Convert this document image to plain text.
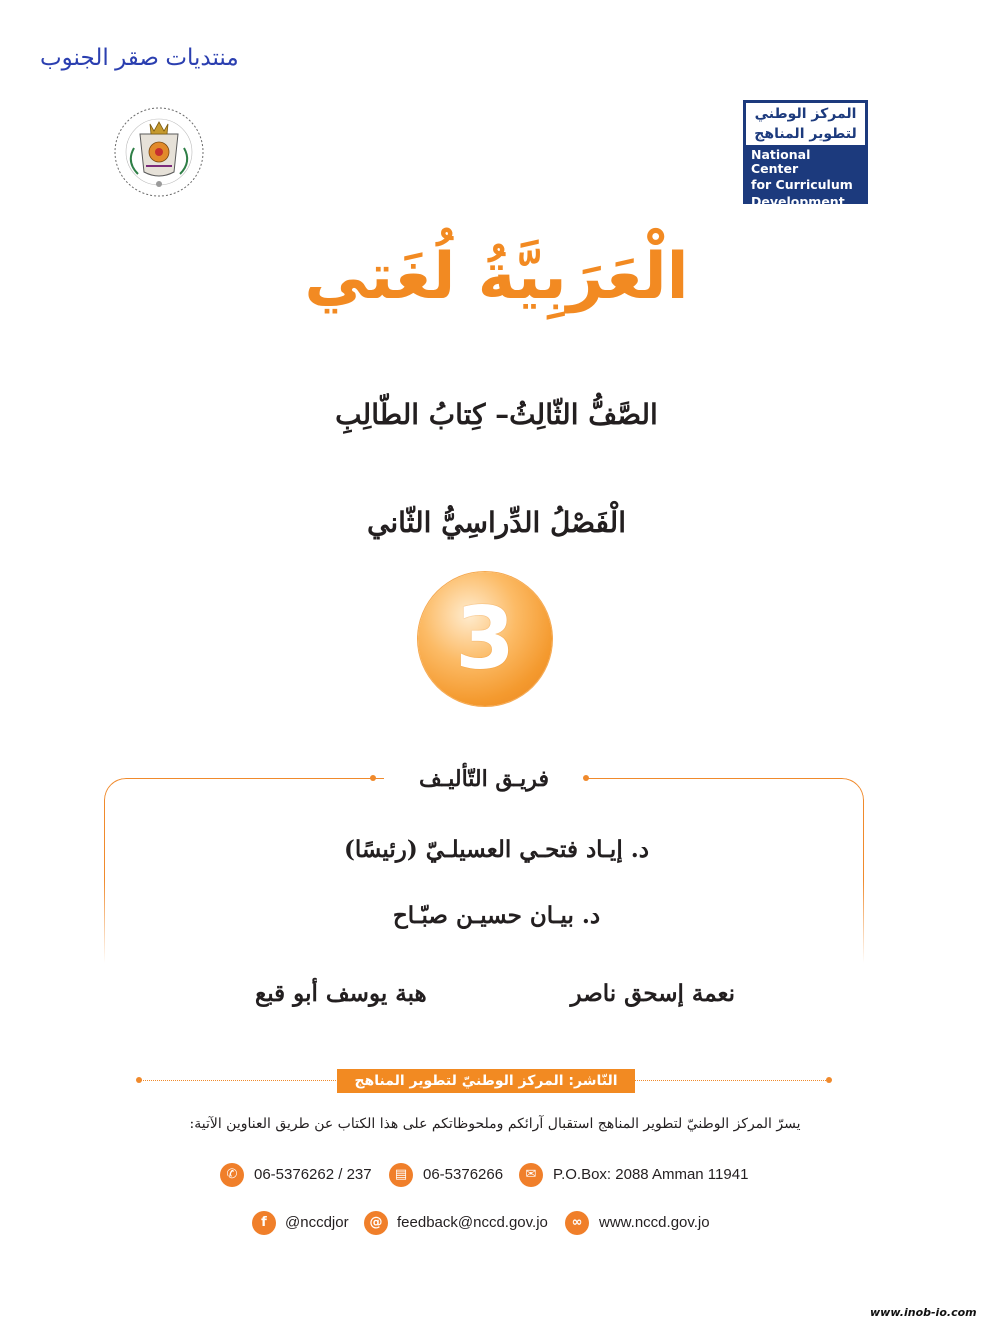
منتديات صقر الجنوب
المركز الوطني
لتطوير المناهج
National Center
for Curriculum
Development
الْعَرَبِيَّةُ لُغَتي
الصَّفُّ الثّالِثُ– كِتابُ الطّالِبِ
الْفَصْلُ الدِّراسِيُّ الثّاني
3
فريـق التّأليـف
د. إيـاد فتحـي العسيلـيّ (رئيسًا)
د. بيـان حسيـن صبّـاح
نعمة إسحق ناصر
هبة يوسف أبو قبع
النّاشر: المركز الوطنيّ لتطوير المناهج
يسرّ المركز الوطنيّ لتطوير المناهج استقبال آرائكم وملحوظاتكم على هذا الكتاب عن طريق العناوين الآتية:
✆	06-5376262 / 237	▤	06-5376266	✉	P.O.Box: 2088 Amman 11941
f	@nccdjor	@ feedback@nccd.gov.jo	∞	www.nccd.gov.jo
www.inob-io.com
